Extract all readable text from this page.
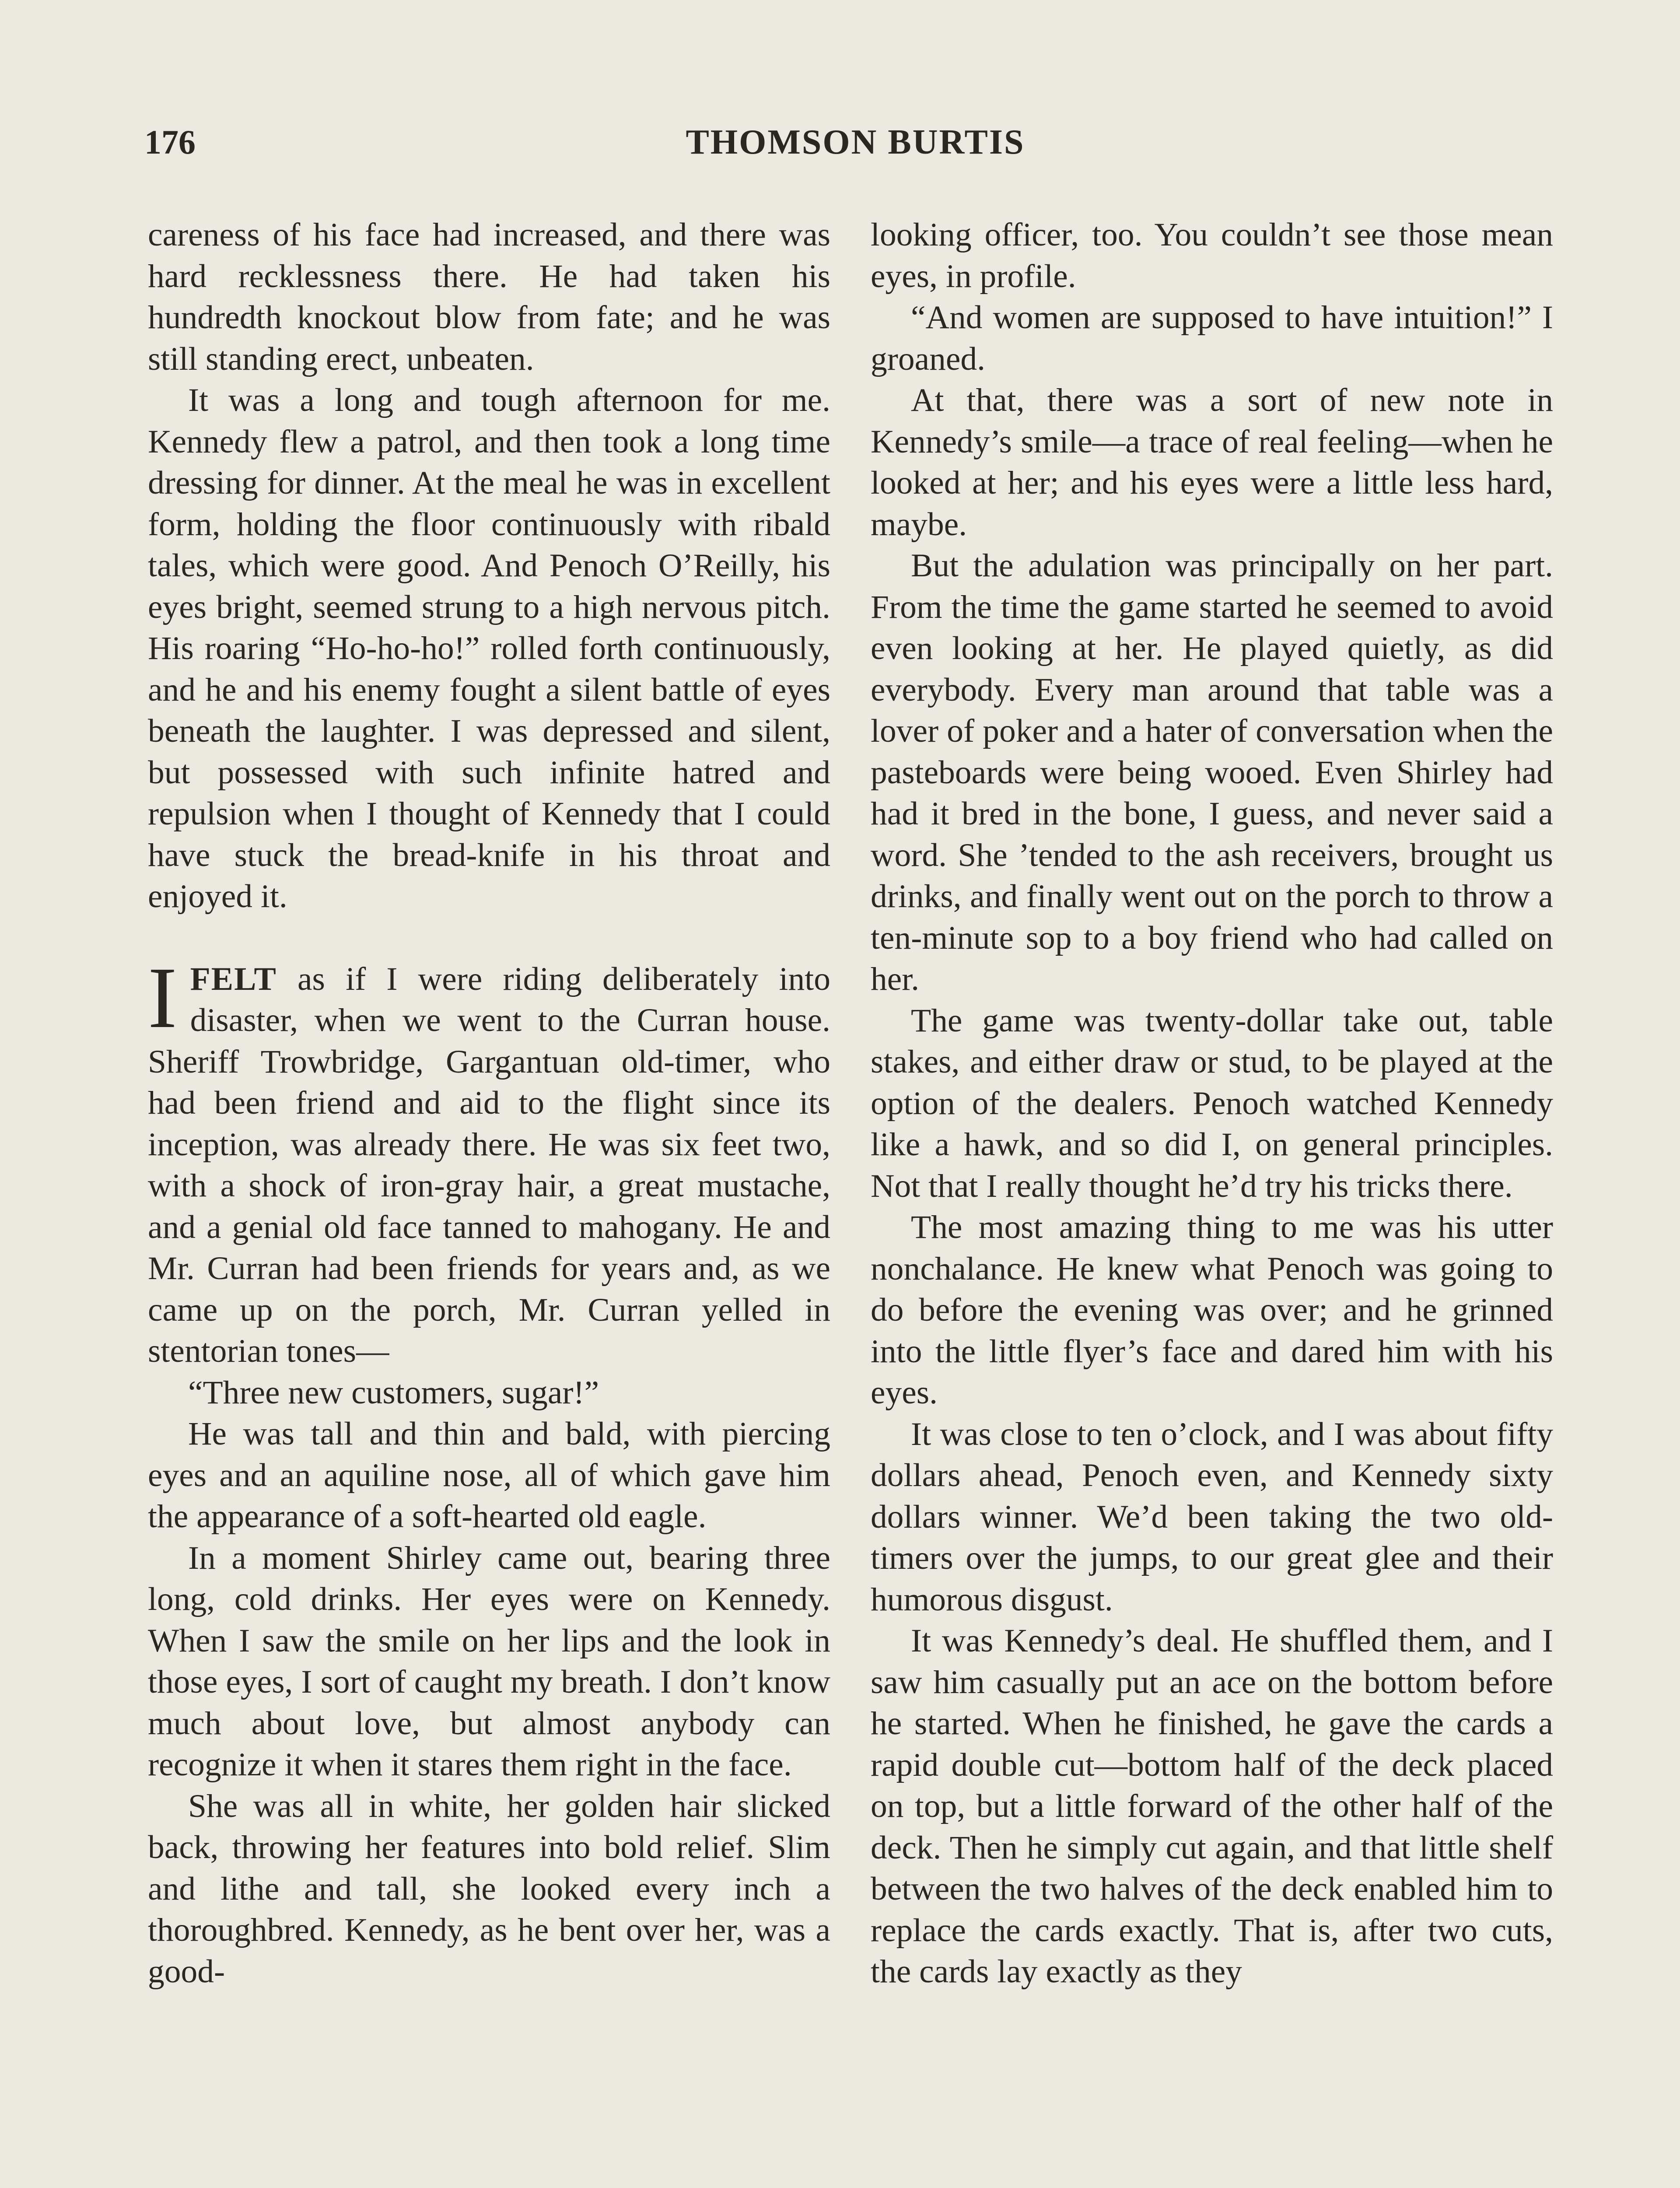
176	THOMSON BURTIS

careness of his face had increased, and there was hard recklessness there. He had taken his hundredth knockout blow from fate; and he was still standing erect, unbeaten.

It was a long and tough afternoon for me. Kennedy flew a patrol, and then took a long time dressing for dinner. At the meal he was in excellent form, holding the floor continuously with ribald tales, which were good. And Penoch O’Reilly, his eyes bright, seemed strung to a high nervous pitch. His roaring “Ho-ho-ho!” rolled forth continuously, and he and his enemy fought a silent battle of eyes beneath the laughter. I was depressed and silent, but possessed with such infinite hatred and repulsion when I thought of Kennedy that I could have stuck the bread-knife in his throat and enjoyed it.

IFELT as if I were riding deliberately into disaster, when we went to the Curran house. Sheriff Trowbridge, Gargantuan old-timer, who had been friend and aid to the flight since its inception, was already there. He was six feet two, with a shock of iron-gray hair, a great mustache, and a genial old face tanned to mahogany. He and Mr. Curran had been friends for years and, as we came up on the porch, Mr. Curran yelled in stentorian tones—

“Three new customers, sugar!”

He was tall and thin and bald, with piercing eyes and an aquiline nose, all of which gave him the appearance of a soft-hearted old eagle.

In a moment Shirley came out, bearing three long, cold drinks. Her eyes were on Kennedy. When I saw the smile on her lips and the look in those eyes, I sort of caught my breath. I don’t know much about love, but almost anybody can recognize it when it stares them right in the face.

She was all in white, her golden hair slicked back, throwing her features into bold relief. Slim and lithe and tall, she looked every inch a thoroughbred. Kennedy, as he bent over her, was a good-

looking officer, too. You couldn’t see those mean eyes, in profile.

“And women are supposed to have intuition!” I groaned.

At that, there was a sort of new note in Kennedy’s smile—a trace of real feeling—when he looked at her; and his eyes were a little less hard, maybe.

But the adulation was principally on her part. From the time the game started he seemed to avoid even looking at her. He played quietly, as did everybody. Every man around that table was a lover of poker and a hater of conversation when the pasteboards were being wooed. Even Shirley had had it bred in the bone, I guess, and never said a word. She ’tended to the ash receivers, brought us drinks, and finally went out on the porch to throw a ten-minute sop to a boy friend who had called on her.

The game was twenty-dollar take out, table stakes, and either draw or stud, to be played at the option of the dealers. Penoch watched Kennedy like a hawk, and so did I, on general principles. Not that I really thought he’d try his tricks there.

The most amazing thing to me was his utter nonchalance. He knew what Penoch was going to do before the evening was over; and he grinned into the little flyer’s face and dared him with his eyes.

It was close to ten o’clock, and I was about fifty dollars ahead, Penoch even, and Kennedy sixty dollars winner. We’d been taking the two old-timers over the jumps, to our great glee and their humorous disgust.

It was Kennedy’s deal. He shuffled them, and I saw him casually put an ace on the bottom before he started. When he finished, he gave the cards a rapid double cut—bottom half of the deck placed on top, but a little forward of the other half of the deck. Then he simply cut again, and that little shelf between the two halves of the deck enabled him to replace the cards exactly. That is, after two cuts, the cards lay exactly as they
